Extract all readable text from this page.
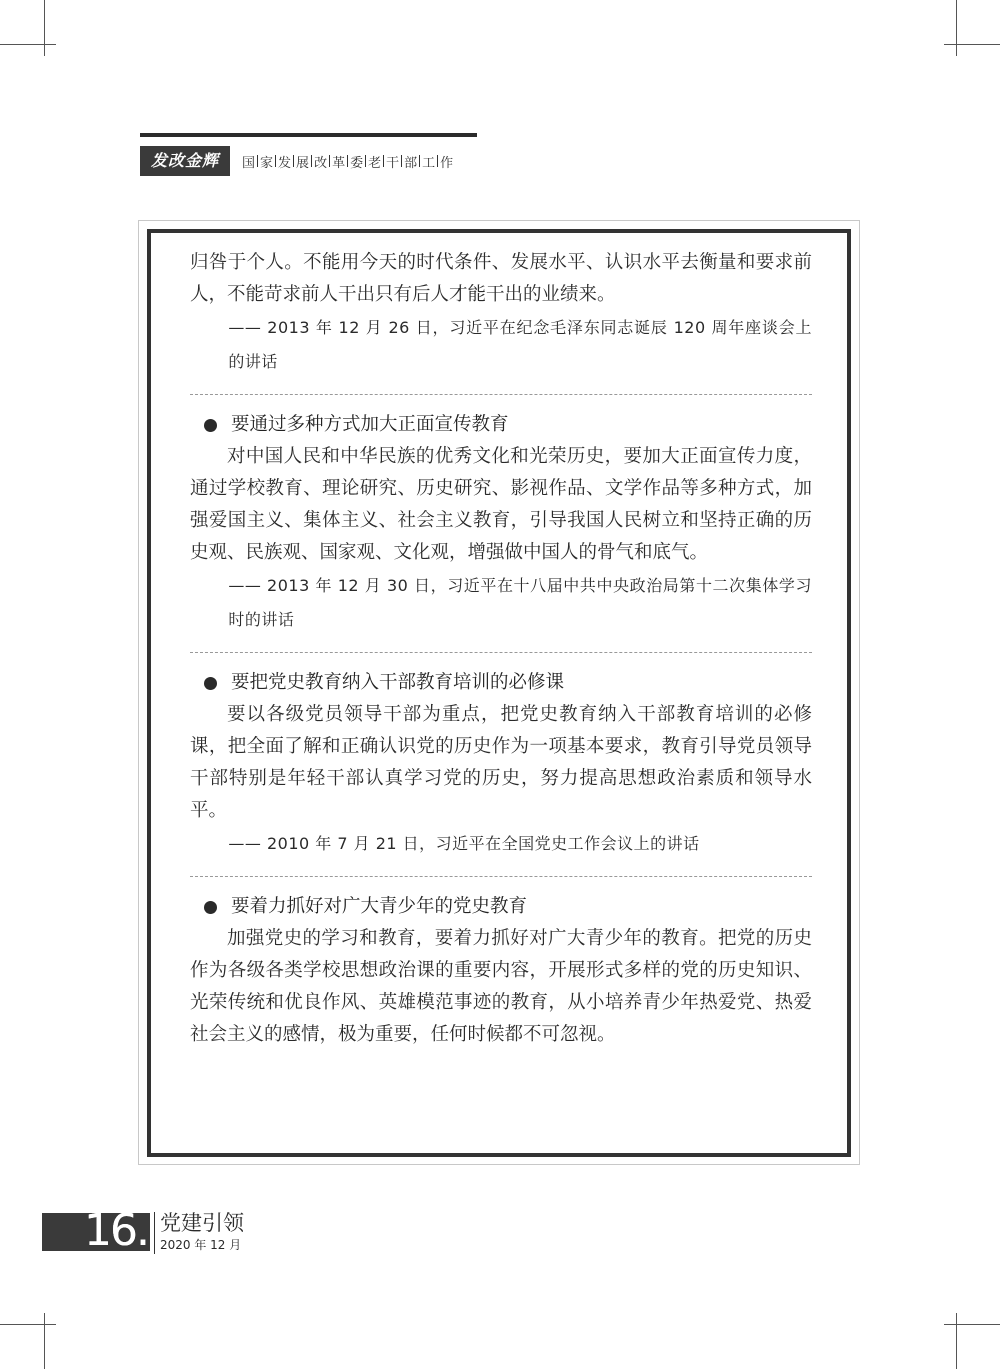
发改金辉	国 家 发 展 改 革 委 老 干 部 工 作

归咎于个人。不能用今天的时代条件、发展水平、认识水平去衡量和要求前人，不能苛求前人干出只有后人才能干出的业绩来。

—— 2013 年 12 月 26 日，习近平在纪念毛泽东同志诞辰 120 周年座谈会上的讲话

要通过多种方式加大正面宣传教育

对中国人民和中华民族的优秀文化和光荣历史，要加大正面宣传力度，通过学校教育、理论研究、历史研究、影视作品、文学作品等多种方式，加强爱国主义、集体主义、社会主义教育，引导我国人民树立和坚持正确的历史观、民族观、国家观、文化观，增强做中国人的骨气和底气。

—— 2013 年 12 月 30 日，习近平在十八届中共中央政治局第十二次集体学习时的讲话

要把党史教育纳入干部教育培训的必修课

要以各级党员领导干部为重点，把党史教育纳入干部教育培训的必修课，把全面了解和正确认识党的历史作为一项基本要求，教育引导党员领导干部特别是年轻干部认真学习党的历史，努力提高思想政治素质和领导水平。

—— 2010 年 7 月 21 日，习近平在全国党史工作会议上的讲话

要着力抓好对广大青少年的党史教育

加强党史的学习和教育，要着力抓好对广大青少年的教育。把党的历史作为各级各类学校思想政治课的重要内容，开展形式多样的党的历史知识、光荣传统和优良作风、英雄模范事迹的教育，从小培养青少年热爱党、热爱社会主义的感情，极为重要，任何时候都不可忽视。

16. 党建引领
2020 年 12 月
